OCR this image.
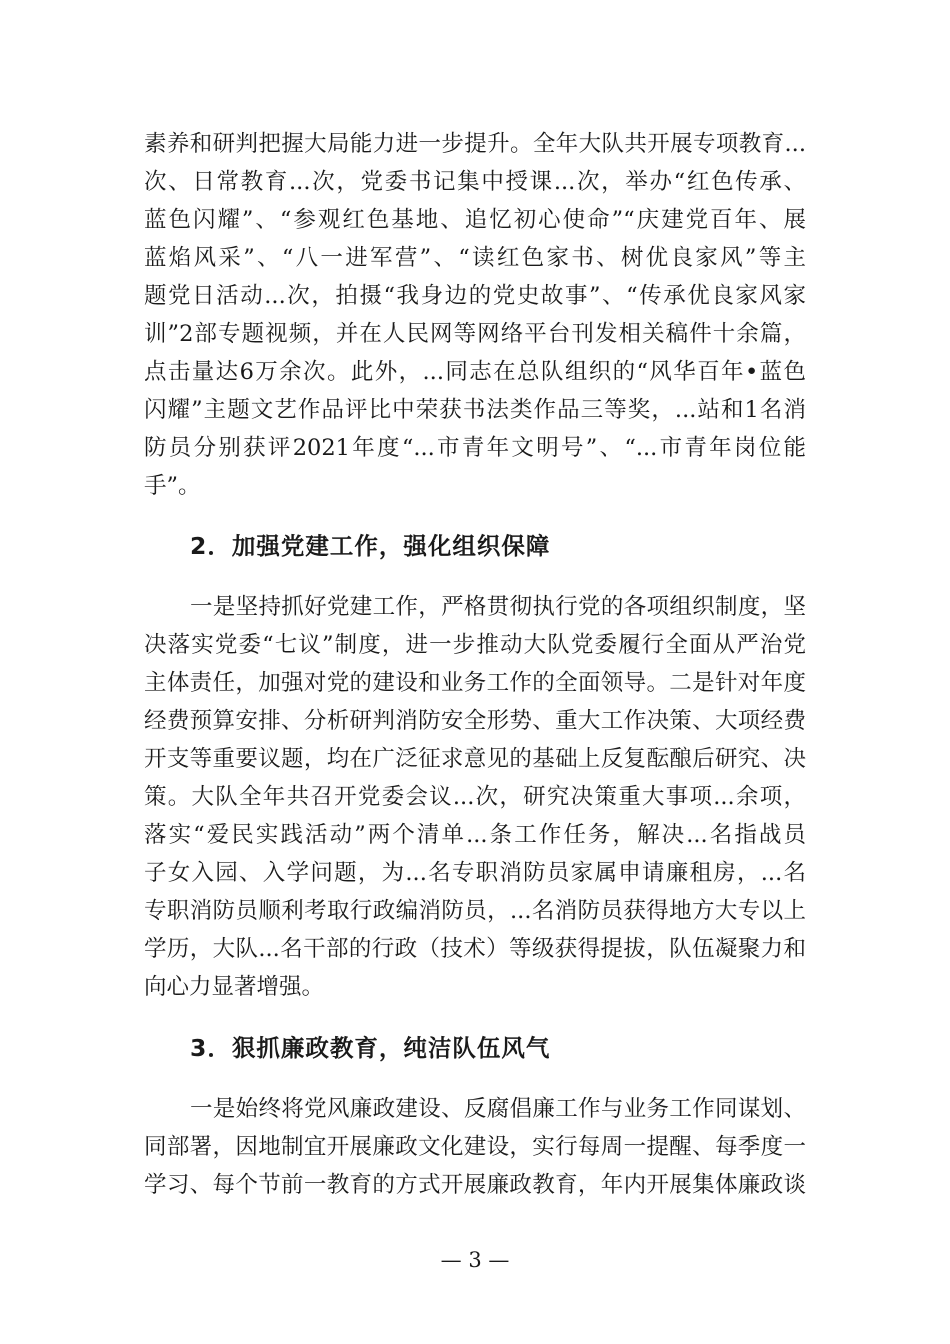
素养和研判把握大局能力进一步提升。全年大队共开展专项教育...
次、日常教育...次，党委书记集中授课...次，举办“红色传承、
蓝色闪耀”、“参观红色基地、追忆初心使命”“庆建党百年、展
蓝焰风采”、“八一进军营”、“读红色家书、树优良家风”等主
题党日活动...次，拍摄“我身边的党史故事”、“传承优良家风家
训”2部专题视频，并在人民网等网络平台刊发相关稿件十余篇，
点击量达6万余次。此外，...同志在总队组织的“风华百年•蓝色
闪耀”主题文艺作品评比中荣获书法类作品三等奖，...站和1名消
防员分别获评2021年度“...市青年文明号”、“...市青年岗位能
手”。
2．加强党建工作，强化组织保障
一是坚持抓好党建工作，严格贯彻执行党的各项组织制度，坚
决落实党委“七议”制度，进一步推动大队党委履行全面从严治党
主体责任，加强对党的建设和业务工作的全面领导。二是针对年度
经费预算安排、分析研判消防安全形势、重大工作决策、大项经费
开支等重要议题，均在广泛征求意见的基础上反复酝酿后研究、决
策。大队全年共召开党委会议...次，研究决策重大事项...余项，
落实“爱民实践活动”两个清单...条工作任务，解决...名指战员
子女入园、入学问题，为...名专职消防员家属申请廉租房，...名
专职消防员顺利考取行政编消防员，...名消防员获得地方大专以上
学历，大队...名干部的行政（技术）等级获得提拔，队伍凝聚力和
向心力显著增强。
3．狠抓廉政教育，纯洁队伍风气
一是始终将党风廉政建设、反腐倡廉工作与业务工作同谋划、
同部署，因地制宜开展廉政文化建设，实行每周一提醒、每季度一
学习、每个节前一教育的方式开展廉政教育，年内开展集体廉政谈
— 3 —
